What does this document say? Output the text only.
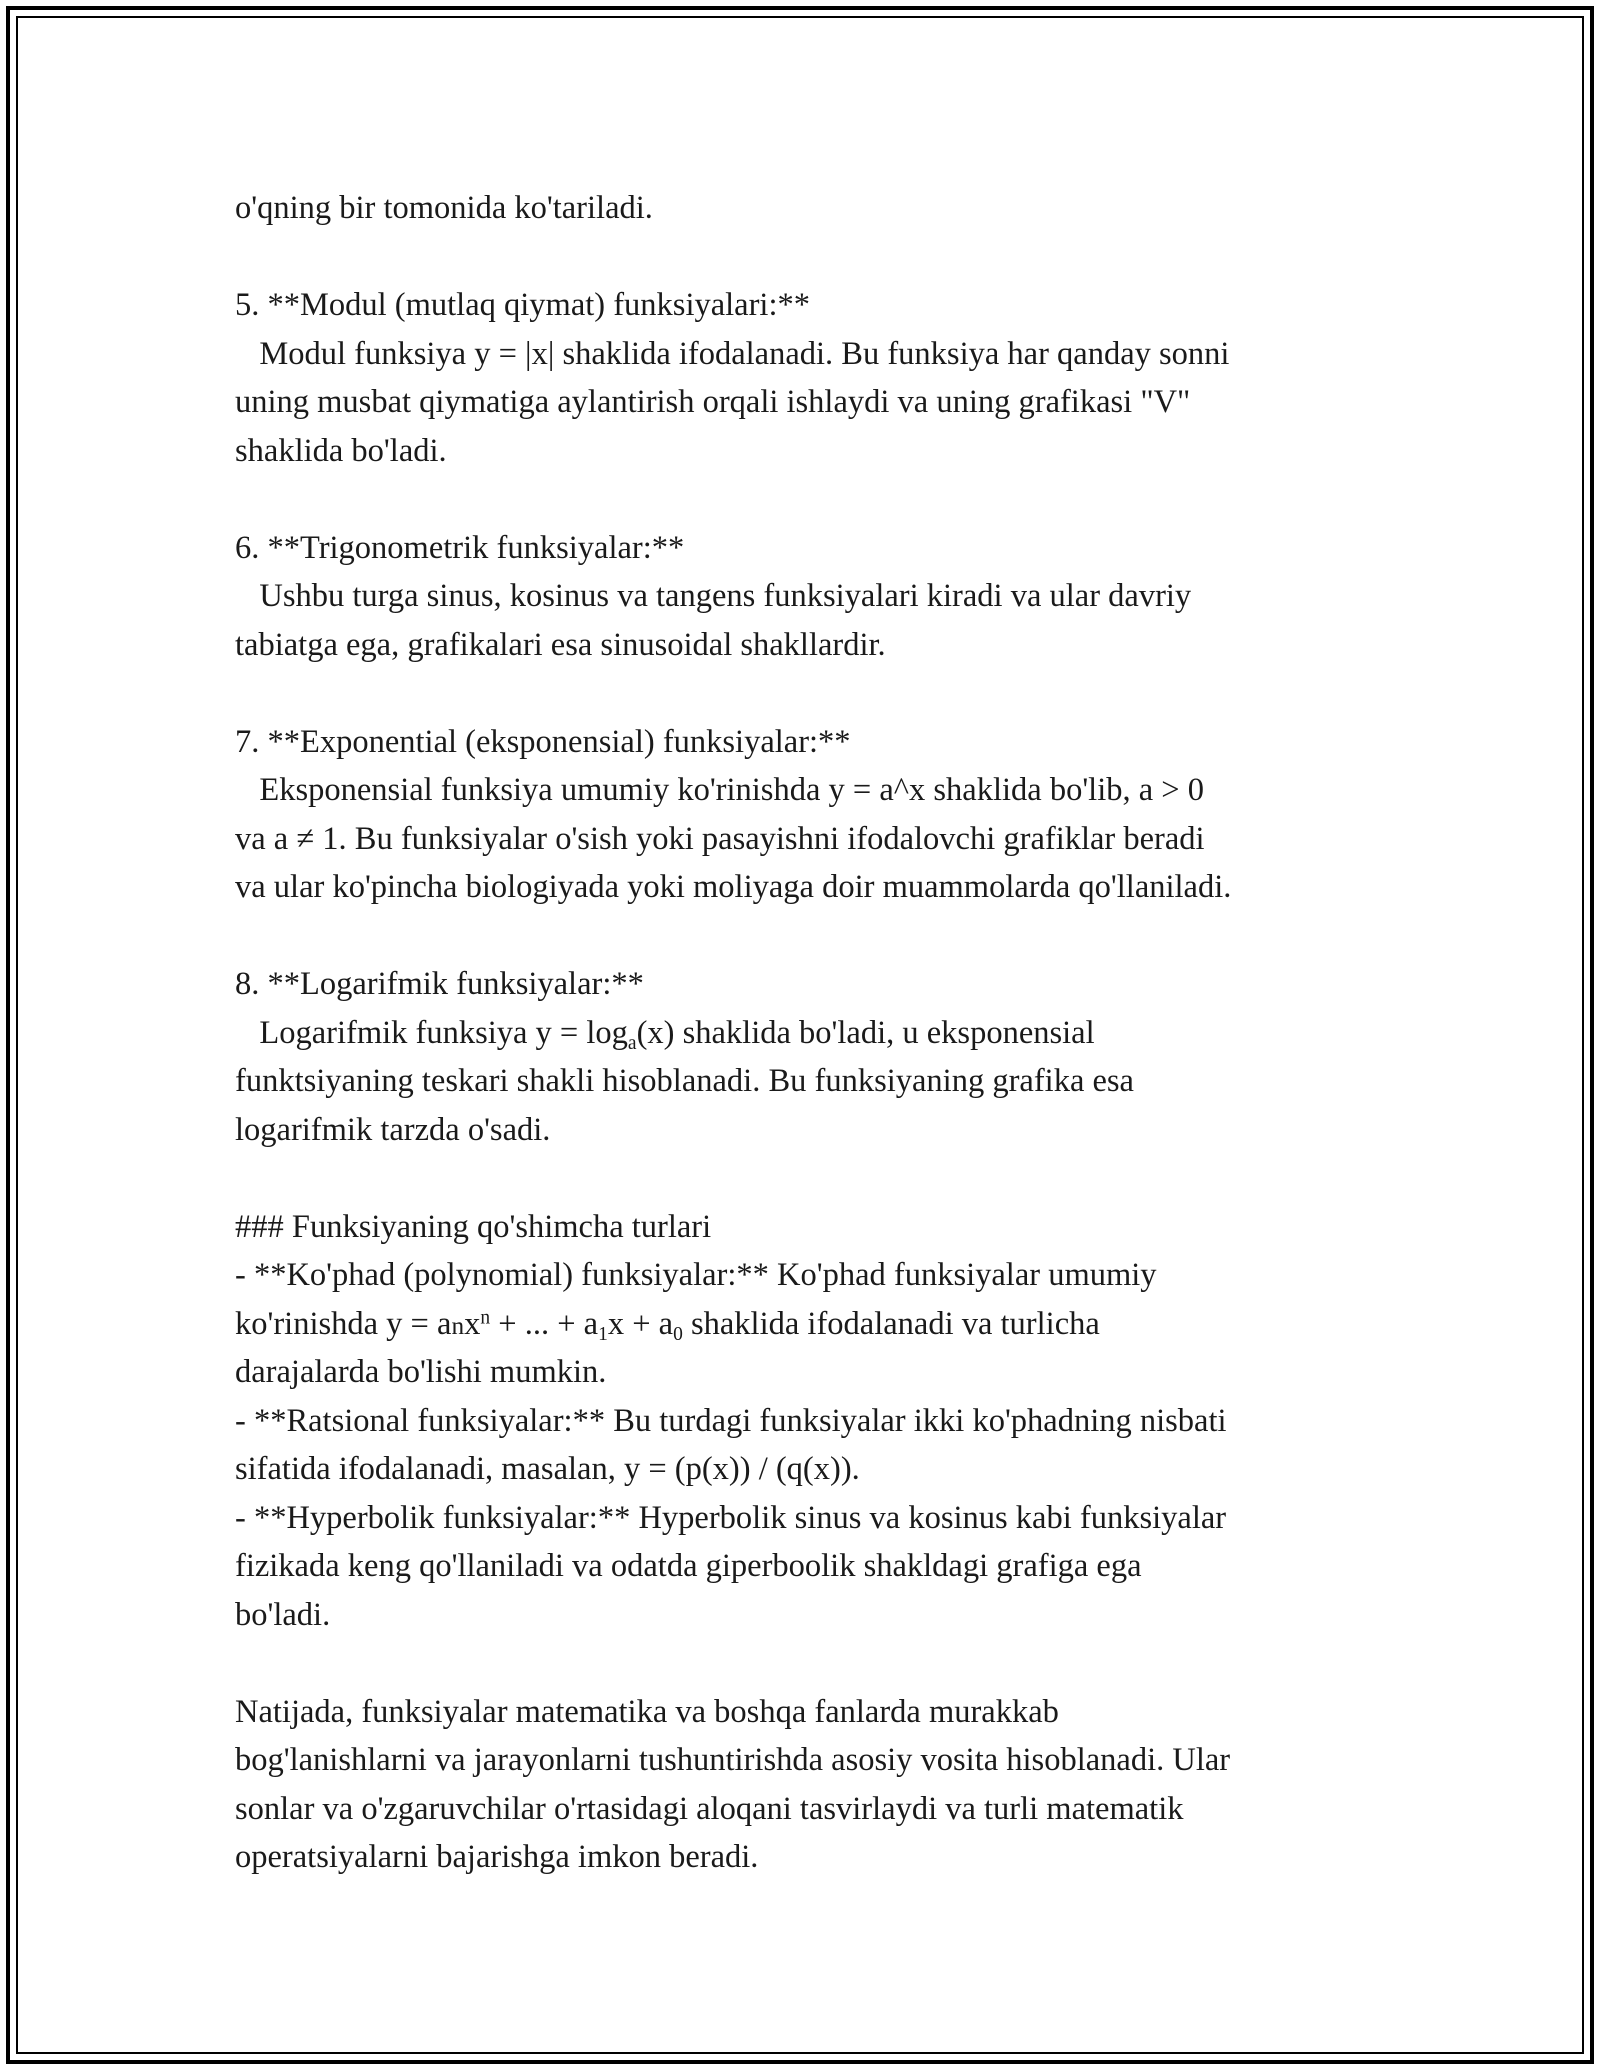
o'qning bir tomonida ko'tariladi.
5. **Modul (mutlaq qiymat) funksiyalari:**
Modul funksiya y = |x| shaklida ifodalanadi. Bu funksiya har qanday sonni
uning musbat qiymatiga aylantirish orqali ishlaydi va uning grafikasi "V"
shaklida bo'ladi.
6. **Trigonometrik funksiyalar:**
Ushbu turga sinus, kosinus va tangens funksiyalari kiradi va ular davriy
tabiatga ega, grafikalari esa sinusoidal shakllardir.
7. **Exponential (eksponensial) funksiyalar:**
Eksponensial funksiya umumiy ko'rinishda y = a^x shaklida bo'lib, a > 0
va a ≠ 1. Bu funksiyalar o'sish yoki pasayishni ifodalovchi grafiklar beradi
va ular ko'pincha biologiyada yoki moliyaga doir muammolarda qo'llaniladi.
8. **Logarifmik funksiyalar:**
Logarifmik funksiya $y = \log_a(x)$ shaklida bo'ladi, u eksponensial
funktsiyaning teskari shakli hisoblanadi. Bu funksiyaning grafika esa
logarifmik tarzda o'sadi.
### Funksiyaning qo'shimcha turlari
- **Ko'phad (polynomial) funksiyalar:** Ko'phad funksiyalar umumiy
ko'rinishda y = anx$^n$ + ... + $a_1x + a_0$ shaklida ifodalanadi va turlicha
darajalarda bo'lishi mumkin.
- **Ratsional funksiyalar:** Bu turdagi funksiyalar ikki ko'phadning nisbati
sifatida ifodalanadi, masalan, y = (p(x)) / (q(x)).
- **Hyperbolik funksiyalar:** Hyperbolik sinus va kosinus kabi funksiyalar
fizikada keng qo'llaniladi va odatda giperboolik shakldagi grafiga ega
bo'ladi.
Natijada, funksiyalar matematika va boshqa fanlarda murakkab
bog'lanishlarni va jarayonlarni tushuntirishda asosiy vosita hisoblanadi. Ular
sonlar va o'zgaruvchilar o'rtasidagi aloqani tasvirlaydi va turli matematik
operatsiyalarni bajarishga imkon beradi.
